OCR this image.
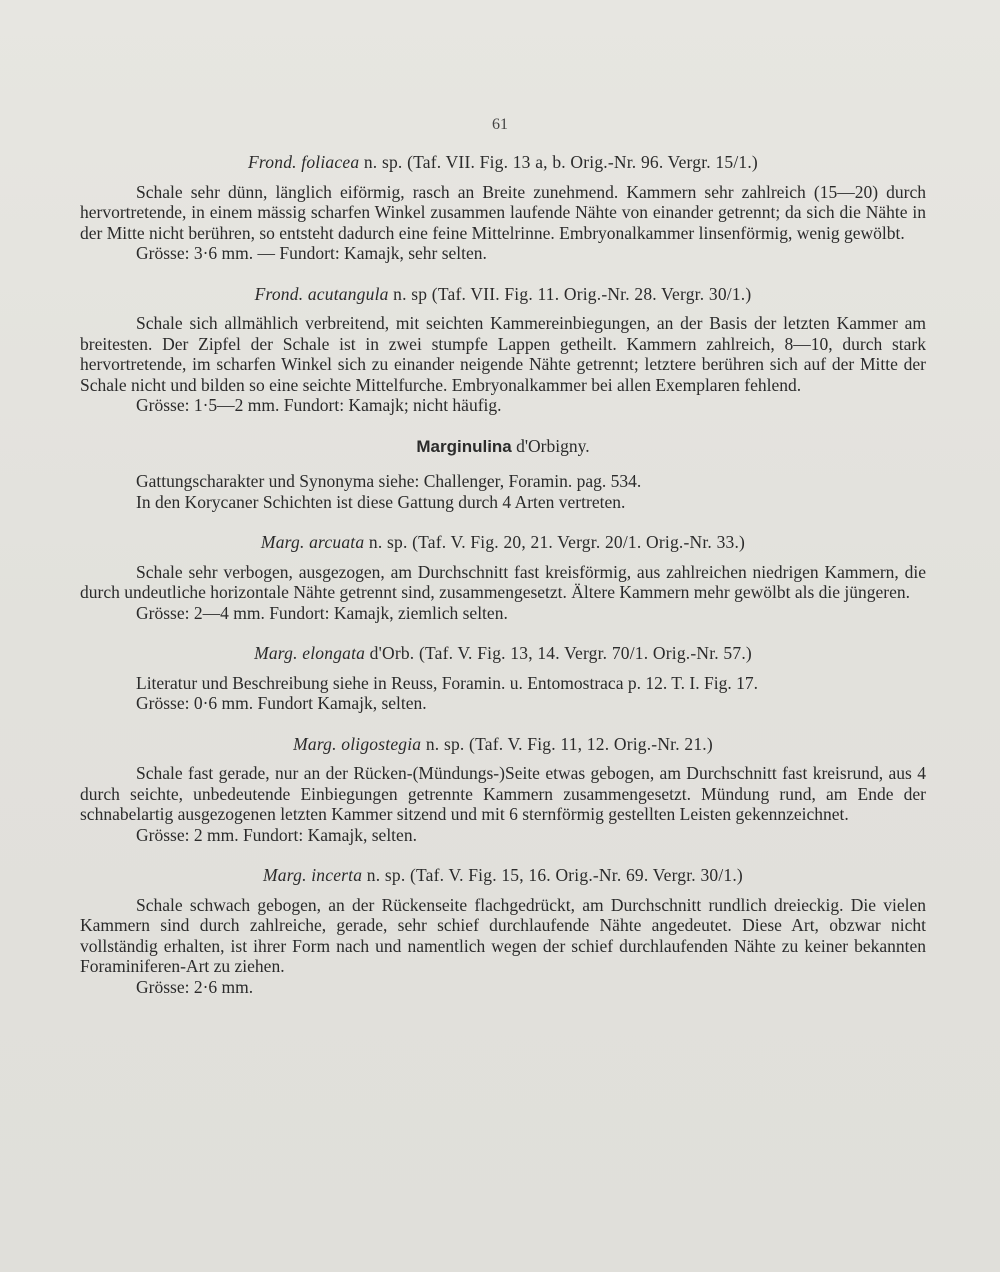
61
Frond. foliacea n. sp. (Taf. VII. Fig. 13 a, b. Orig.-Nr. 96. Vergr. 15/1.)

Schale sehr dünn, länglich eiförmig, rasch an Breite zunehmend. Kammern sehr zahlreich (15—20) durch hervortretende, in einem mässig scharfen Winkel zusammen laufende Nähte von einander getrennt; da sich die Nähte in der Mitte nicht berühren, so entsteht dadurch eine feine Mittelrinne. Embryonalkammer linsenförmig, wenig gewölbt.

Grösse: 3·6 mm. — Fundort: Kamajk, sehr selten.

Frond. acutangula n. sp (Taf. VII. Fig. 11. Orig.-Nr. 28. Vergr. 30/1.)

Schale sich allmählich verbreitend, mit seichten Kammereinbiegungen, an der Basis der letzten Kammer am breitesten. Der Zipfel der Schale ist in zwei stumpfe Lappen getheilt. Kammern zahlreich, 8—10, durch stark hervortretende, im scharfen Winkel sich zu einander neigende Nähte getrennt; letztere berühren sich auf der Mitte der Schale nicht und bilden so eine seichte Mittelfurche. Embryonalkammer bei allen Exemplaren fehlend.

Grösse: 1·5—2 mm. Fundort: Kamajk; nicht häufig.

Marginulina d'Orbigny.

Gattungscharakter und Synonyma siehe: Challenger, Foramin. pag. 534.

In den Korycaner Schichten ist diese Gattung durch 4 Arten vertreten.

Marg. arcuata n. sp. (Taf. V. Fig. 20, 21. Vergr. 20/1. Orig.-Nr. 33.)

Schale sehr verbogen, ausgezogen, am Durchschnitt fast kreisförmig, aus zahlreichen niedrigen Kammern, die durch undeutliche horizontale Nähte getrennt sind, zusammengesetzt. Ältere Kammern mehr gewölbt als die jüngeren.

Grösse: 2—4 mm. Fundort: Kamajk, ziemlich selten.

Marg. elongata d'Orb. (Taf. V. Fig. 13, 14. Vergr. 70/1. Orig.-Nr. 57.)

Literatur und Beschreibung siehe in Reuss, Foramin. u. Entomostraca p. 12. T. I. Fig. 17.

Grösse: 0·6 mm. Fundort Kamajk, selten.

Marg. oligostegia n. sp. (Taf. V. Fig. 11, 12. Orig.-Nr. 21.)

Schale fast gerade, nur an der Rücken-(Mündungs-)Seite etwas gebogen, am Durchschnitt fast kreisrund, aus 4 durch seichte, unbedeutende Einbiegungen getrennte Kammern zusammengesetzt. Mündung rund, am Ende der schnabelartig ausgezogenen letzten Kammer sitzend und mit 6 sternförmig gestellten Leisten gekennzeichnet.

Grösse: 2 mm. Fundort: Kamajk, selten.

Marg. incerta n. sp. (Taf. V. Fig. 15, 16. Orig.-Nr. 69. Vergr. 30/1.)

Schale schwach gebogen, an der Rückenseite flachgedrückt, am Durchschnitt rundlich dreieckig. Die vielen Kammern sind durch zahlreiche, gerade, sehr schief durchlaufende Nähte angedeutet. Diese Art, obzwar nicht vollständig erhalten, ist ihrer Form nach und namentlich wegen der schief durchlaufenden Nähte zu keiner bekannten Foraminiferen-Art zu ziehen.

Grösse: 2·6 mm.
